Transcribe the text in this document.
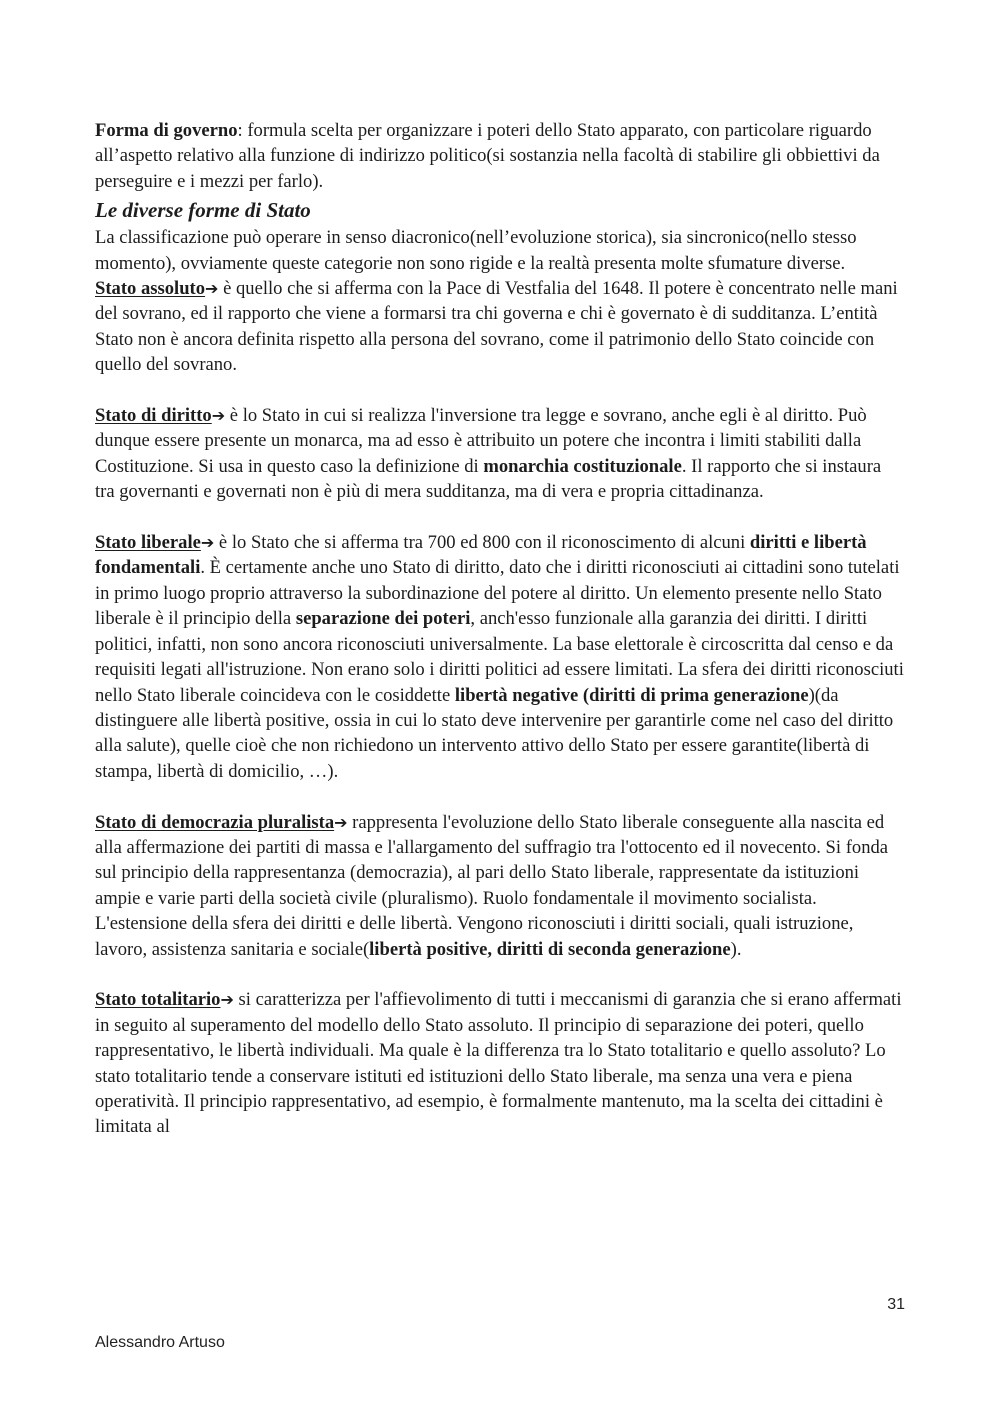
Forma di governo: formula scelta per organizzare i poteri dello Stato apparato, con particolare riguardo all’aspetto relativo alla funzione di indirizzo politico(si sostanzia nella facoltà di stabilire gli obbiettivi da perseguire e i mezzi per farlo).

Le diverse forme di Stato

La classificazione può operare in senso diacronico(nell’evoluzione storica), sia sincronico(nello stesso momento), ovviamente queste categorie non sono rigide e la realtà presenta molte sfumature diverse.

Stato assoluto➔ è quello che si afferma con la Pace di Vestfalia del 1648. Il potere è concentrato nelle mani del sovrano, ed il rapporto che viene a formarsi tra chi governa e chi è governato è di sudditanza. L’entità Stato non è ancora definita rispetto alla persona del sovrano, come il patrimonio dello Stato coincide con quello del sovrano.

Stato di diritto➔ è lo Stato in cui si realizza l'inversione tra legge e sovrano, anche egli è al diritto. Può dunque essere presente un monarca, ma ad esso è attribuito un potere che incontra i limiti stabiliti dalla Costituzione. Si usa in questo caso la definizione di monarchia costituzionale. Il rapporto che si instaura tra governanti e governati non è più di mera sudditanza, ma di vera e propria cittadinanza.

Stato liberale➔ è lo Stato che si afferma tra 700 ed 800 con il riconoscimento di alcuni diritti e libertà fondamentali. È certamente anche uno Stato di diritto, dato che i diritti riconosciuti ai cittadini sono tutelati in primo luogo proprio attraverso la subordinazione del potere al diritto. Un elemento presente nello Stato liberale è il principio della separazione dei poteri, anch'esso funzionale alla garanzia dei diritti. I diritti politici, infatti, non sono ancora riconosciuti universalmente. La base elettorale è circoscritta dal censo e da requisiti legati all'istruzione. Non erano solo i diritti politici ad essere limitati. La sfera dei diritti riconosciuti nello Stato liberale coincideva con le cosiddette libertà negative (diritti di prima generazione)(da distinguere alle libertà positive, ossia in cui lo stato deve intervenire per garantirle come nel caso del diritto alla salute), quelle cioè che non richiedono un intervento attivo dello Stato per essere garantite(libertà di stampa, libertà di domicilio, …).

Stato di democrazia pluralista➔ rappresenta l'evoluzione dello Stato liberale conseguente alla nascita ed alla affermazione dei partiti di massa e l'allargamento del suffragio tra l'ottocento ed il novecento. Si fonda sul principio della rappresentanza (democrazia), al pari dello Stato liberale, rappresentate da istituzioni ampie e varie parti della società civile (pluralismo). Ruolo fondamentale il movimento socialista. L'estensione della sfera dei diritti e delle libertà. Vengono riconosciuti i diritti sociali, quali istruzione, lavoro, assistenza sanitaria e sociale(libertà positive, diritti di seconda generazione).

Stato totalitario➔ si caratterizza per l'affievolimento di tutti i meccanismi di garanzia che si erano affermati in seguito al superamento del modello dello Stato assoluto. Il principio di separazione dei poteri, quello rappresentativo, le libertà individuali. Ma quale è la differenza tra lo Stato totalitario e quello assoluto? Lo stato totalitario tende a conservare istituti ed istituzioni dello Stato liberale, ma senza una vera e piena operatività. Il principio rappresentativo, ad esempio, è formalmente mantenuto, ma la scelta dei cittadini è limitata al

31
Alessandro Artuso
